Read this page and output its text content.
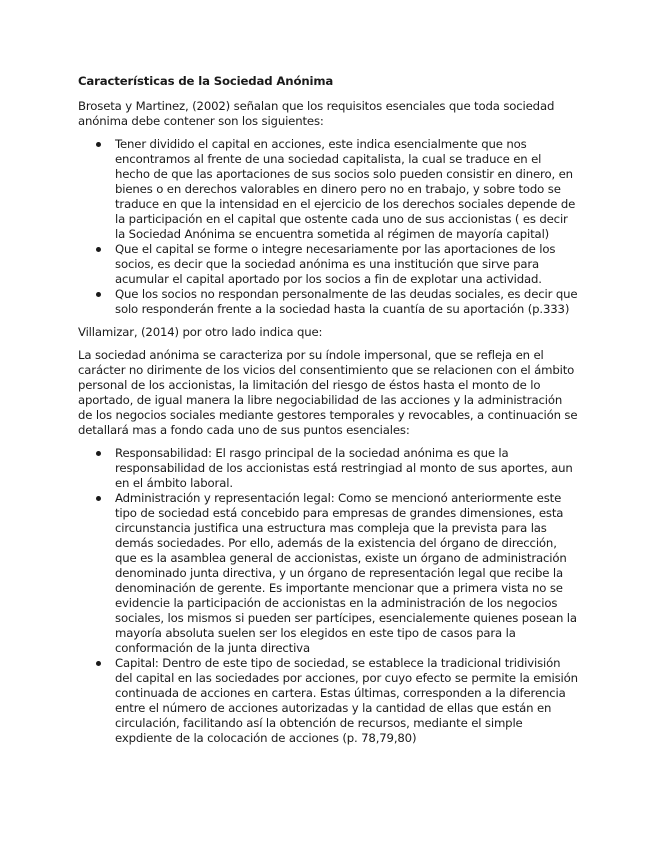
Características de la Sociedad Anónima
Broseta y Martinez, (2002) señalan que los requisitos esenciales que toda sociedad anónima debe contener son los siguientes:
Tener dividido el capital en acciones, este indica esencialmente que nos encontramos al frente de una sociedad capitalista, la cual se traduce en el hecho de que las aportaciones de sus socios solo pueden consistir en dinero, en bienes o en derechos valorables en dinero pero no en trabajo, y sobre todo se traduce en que la intensidad en el ejercicio de los derechos sociales depende de la participación en el capital que ostente cada uno de sus accionistas ( es decir la Sociedad Anónima se encuentra sometida al régimen de mayoría capital)
Que el capital se forme o integre necesariamente por las aportaciones de los socios, es decir que la sociedad anónima es una institución que sirve para acumular el capital aportado por los socios a fin de explotar una actividad.
Que los socios no respondan personalmente de las deudas sociales, es decir que solo responderán frente a la sociedad hasta la cuantía de su aportación (p.333)
Villamizar, (2014) por otro lado indica que:
La sociedad anónima se caracteriza por su índole impersonal, que se refleja en el carácter no dirimente de los vicios del consentimiento que se relacionen con el ámbito personal de los accionistas, la limitación del riesgo de éstos hasta el monto de lo aportado, de igual manera la libre negociabilidad de las acciones y la administración de los negocios sociales mediante gestores temporales y revocables, a continuación se detallará mas a fondo cada uno de sus puntos esenciales:
Responsabilidad: El rasgo principal de la sociedad anónima es que la responsabilidad de los accionistas está restringiad al monto de sus aportes, aun en el ámbito laboral.
Administración y representación legal: Como se mencionó anteriormente este tipo de sociedad está concebido para empresas de grandes dimensiones, esta circunstancia justifica una estructura mas compleja que la prevista para las demás sociedades. Por ello, además de la existencia del órgano de dirección, que es la asamblea general de accionistas, existe un órgano de administración denominado junta directiva, y un órgano de representación legal que recibe la denominación de gerente. Es importante mencionar que a primera vista no se evidencie la participación de accionistas en la administración de los negocios sociales, los mismos si pueden ser partícipes, esencialemente quienes posean la mayoría absoluta suelen ser los elegidos en este tipo de casos para la conformación de la junta directiva
Capital: Dentro de este tipo de sociedad, se establece la tradicional tridivisión del capital en las sociedades por acciones, por cuyo efecto se permite la emisión continuada de acciones en cartera. Estas últimas, corresponden a la diferencia entre el número de acciones autorizadas y la cantidad de ellas que están en circulación, facilitando así la obtención de recursos, mediante el simple expdiente de la colocación de acciones (p. 78,79,80)
